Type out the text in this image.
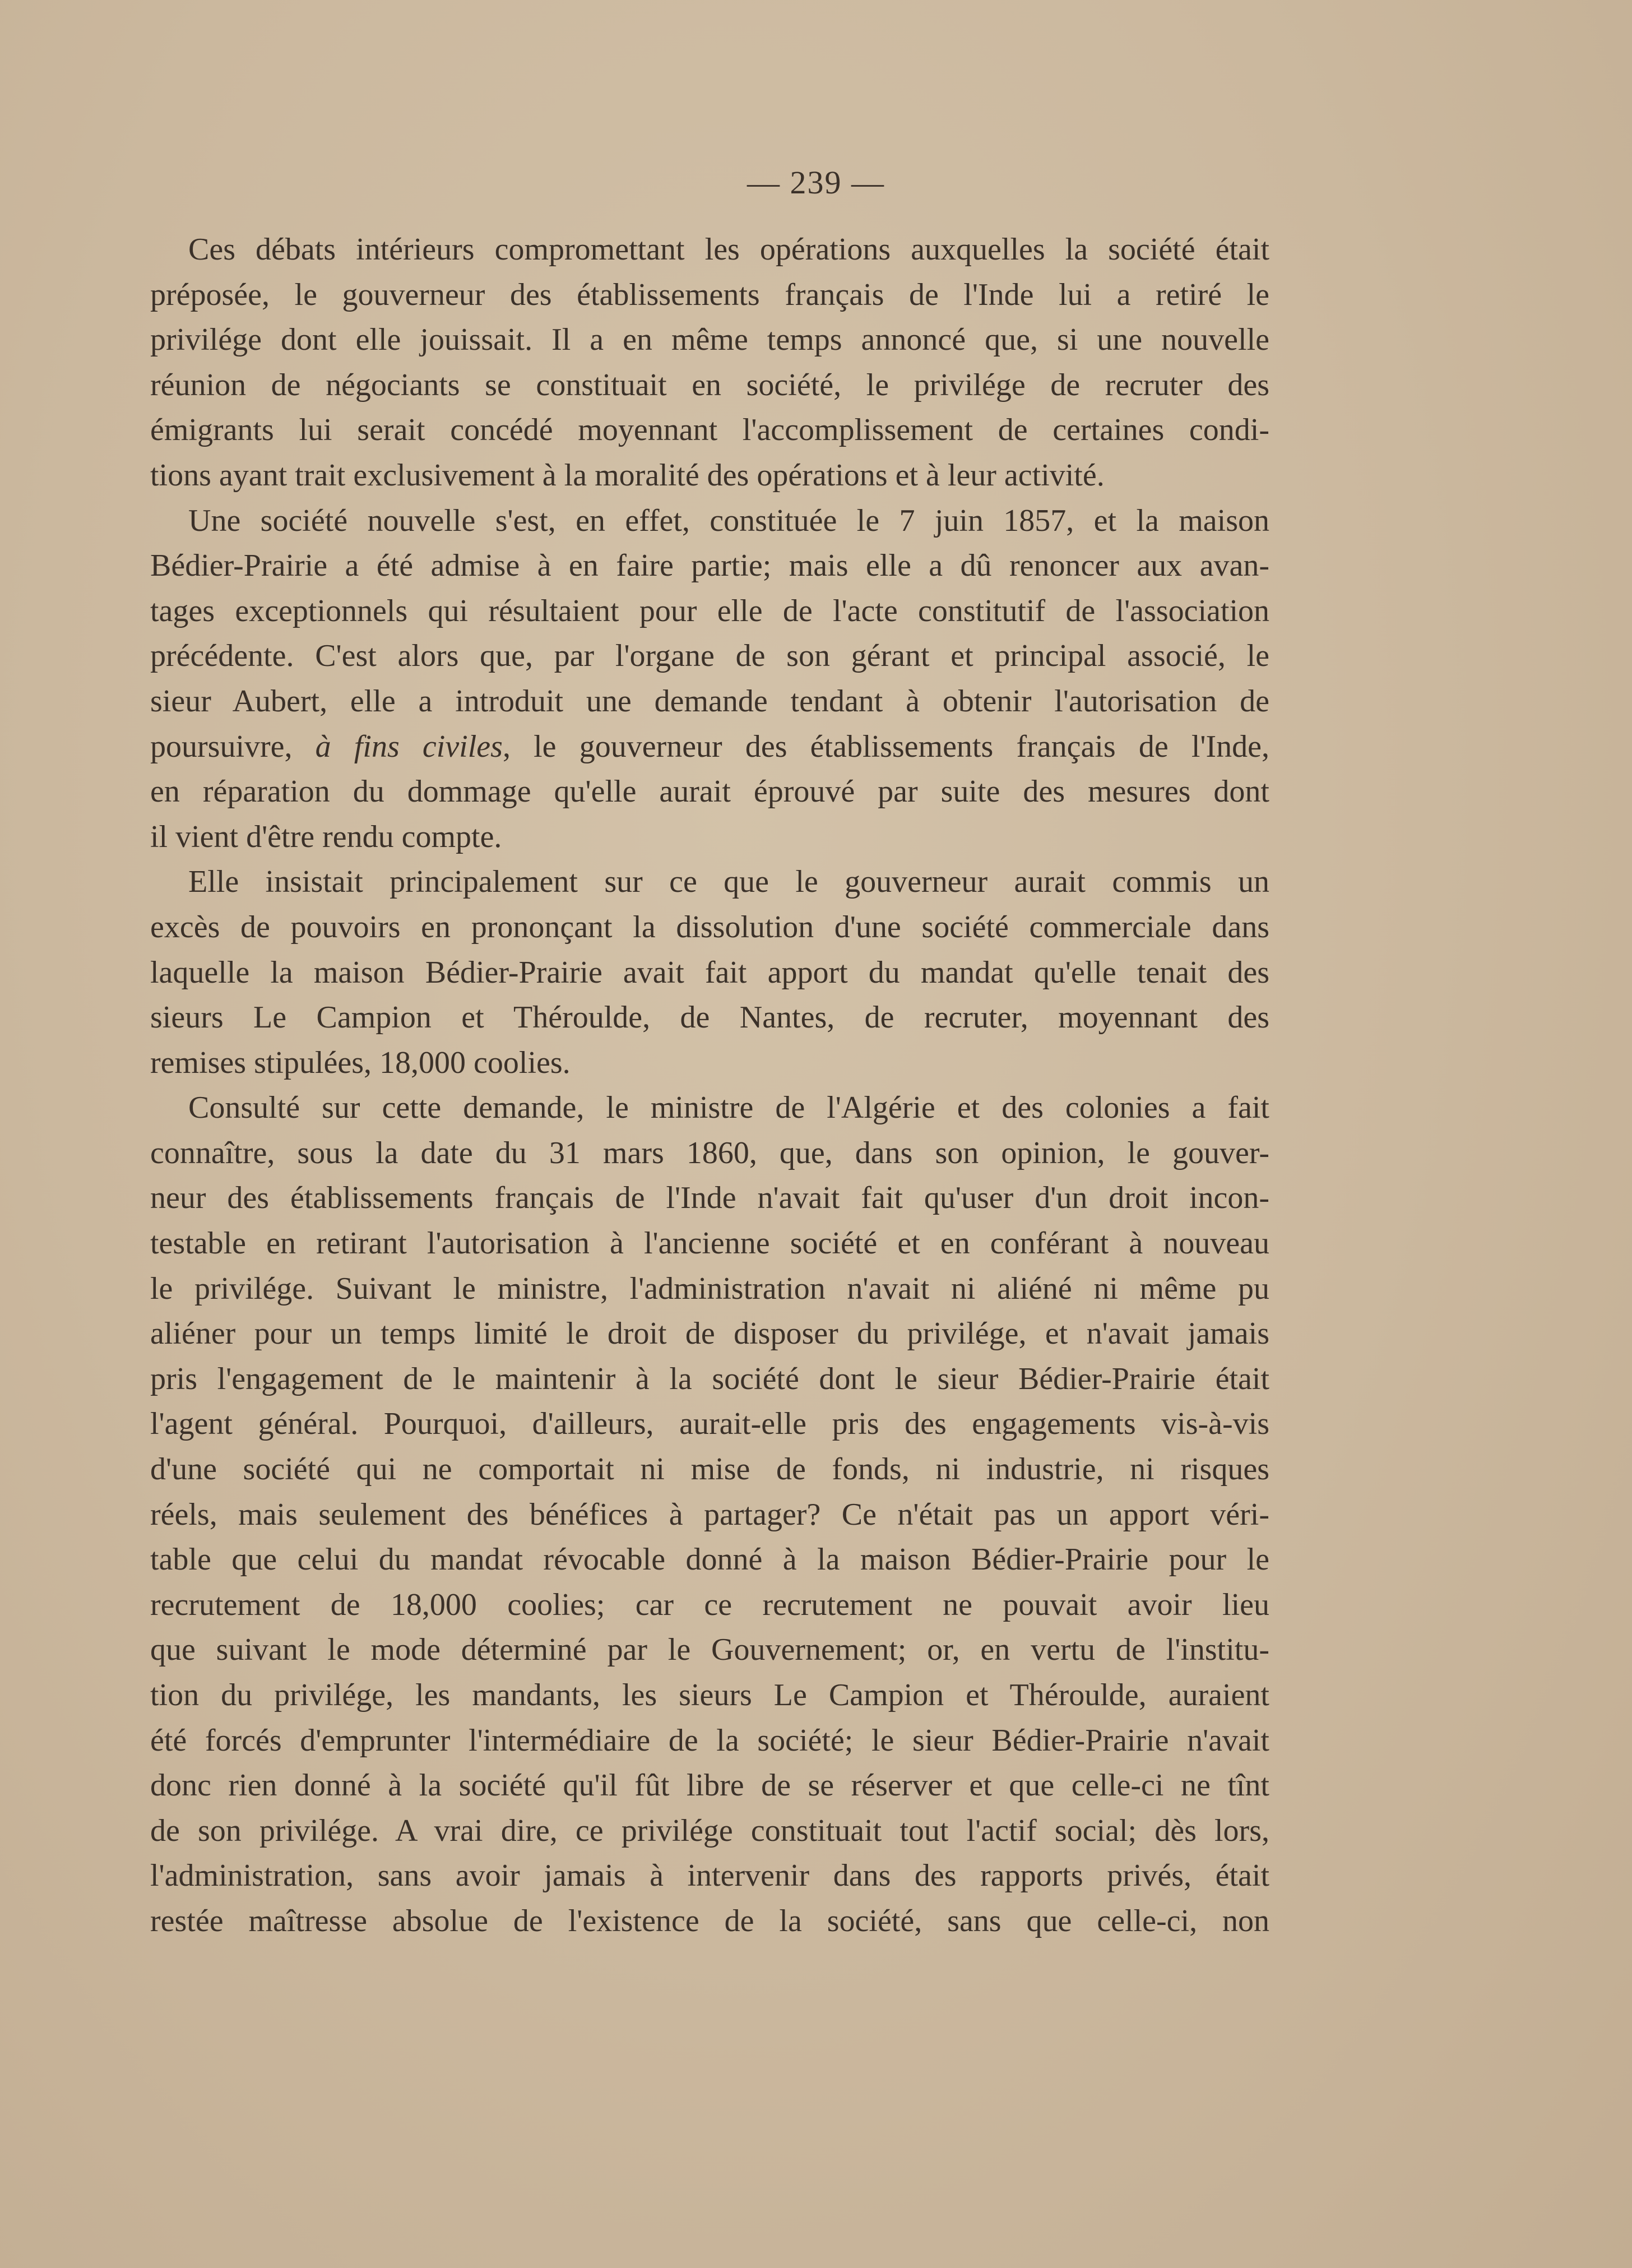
— 239 —
Ces débats intérieurs compromettant les opérations auxquelles la société était
préposée, le gouverneur des établissements français de l'Inde lui a retiré le
privilége dont elle jouissait. Il a en même temps annoncé que, si une nouvelle
réunion de négociants se constituait en société, le privilége de recruter des
émigrants lui serait concédé moyennant l'accomplissement de certaines condi-
tions ayant trait exclusivement à la moralité des opérations et à leur activité.
Une société nouvelle s'est, en effet, constituée le 7 juin 1857, et la maison
Bédier-Prairie a été admise à en faire partie; mais elle a dû renoncer aux avan-
tages exceptionnels qui résultaient pour elle de l'acte constitutif de l'association
précédente. C'est alors que, par l'organe de son gérant et principal associé, le
sieur Aubert, elle a introduit une demande tendant à obtenir l'autorisation de
poursuivre, à fins civiles, le gouverneur des établissements français de l'Inde,
en réparation du dommage qu'elle aurait éprouvé par suite des mesures dont
il vient d'être rendu compte.
Elle insistait principalement sur ce que le gouverneur aurait commis un
excès de pouvoirs en prononçant la dissolution d'une société commerciale dans
laquelle la maison Bédier-Prairie avait fait apport du mandat qu'elle tenait des
sieurs Le Campion et Théroulde, de Nantes, de recruter, moyennant des
remises stipulées, 18,000 coolies.
Consulté sur cette demande, le ministre de l'Algérie et des colonies a fait
connaître, sous la date du 31 mars 1860, que, dans son opinion, le gouver-
neur des établissements français de l'Inde n'avait fait qu'user d'un droit incon-
testable en retirant l'autorisation à l'ancienne société et en conférant à nouveau
le privilége. Suivant le ministre, l'administration n'avait ni aliéné ni même pu
aliéner pour un temps limité le droit de disposer du privilége, et n'avait jamais
pris l'engagement de le maintenir à la société dont le sieur Bédier-Prairie était
l'agent général. Pourquoi, d'ailleurs, aurait-elle pris des engagements vis-à-vis
d'une société qui ne comportait ni mise de fonds, ni industrie, ni risques
réels, mais seulement des bénéfices à partager? Ce n'était pas un apport véri-
table que celui du mandat révocable donné à la maison Bédier-Prairie pour le
recrutement de 18,000 coolies; car ce recrutement ne pouvait avoir lieu
que suivant le mode déterminé par le Gouvernement; or, en vertu de l'institu-
tion du privilége, les mandants, les sieurs Le Campion et Théroulde, auraient
été forcés d'emprunter l'intermédiaire de la société; le sieur Bédier-Prairie n'avait
donc rien donné à la société qu'il fût libre de se réserver et que celle-ci ne tînt
de son privilége. A vrai dire, ce privilége constituait tout l'actif social; dès lors,
l'administration, sans avoir jamais à intervenir dans des rapports privés, était
restée maîtresse absolue de l'existence de la société, sans que celle-ci, non
